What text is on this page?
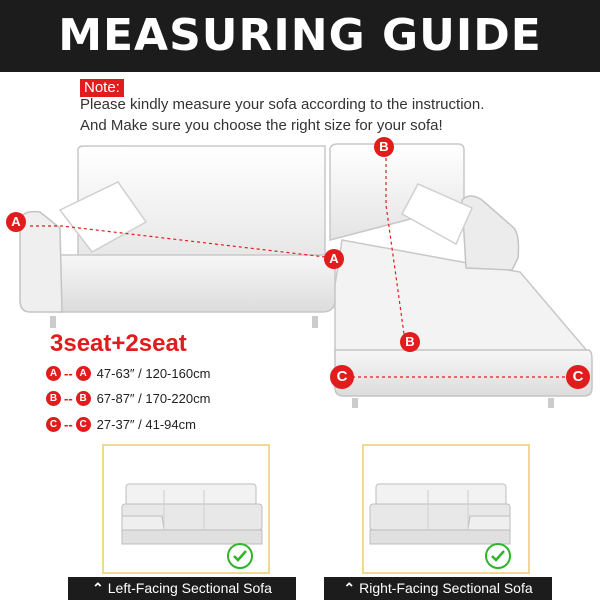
MEASURING GUIDE
Note:
Please kindly measure your sofa according to the instruction.
And Make sure you choose the right size for your sofa!
A
A
B
B
C	C
3seat+2seat
A -- A 47-63″ / 120-160cm
B -- B 67-87″ / 170-220cm
C -- C 27-37″ / 41-94cm
⌃ Left-Facing Sectional Sofa	⌃ Right-Facing Sectional Sofa
